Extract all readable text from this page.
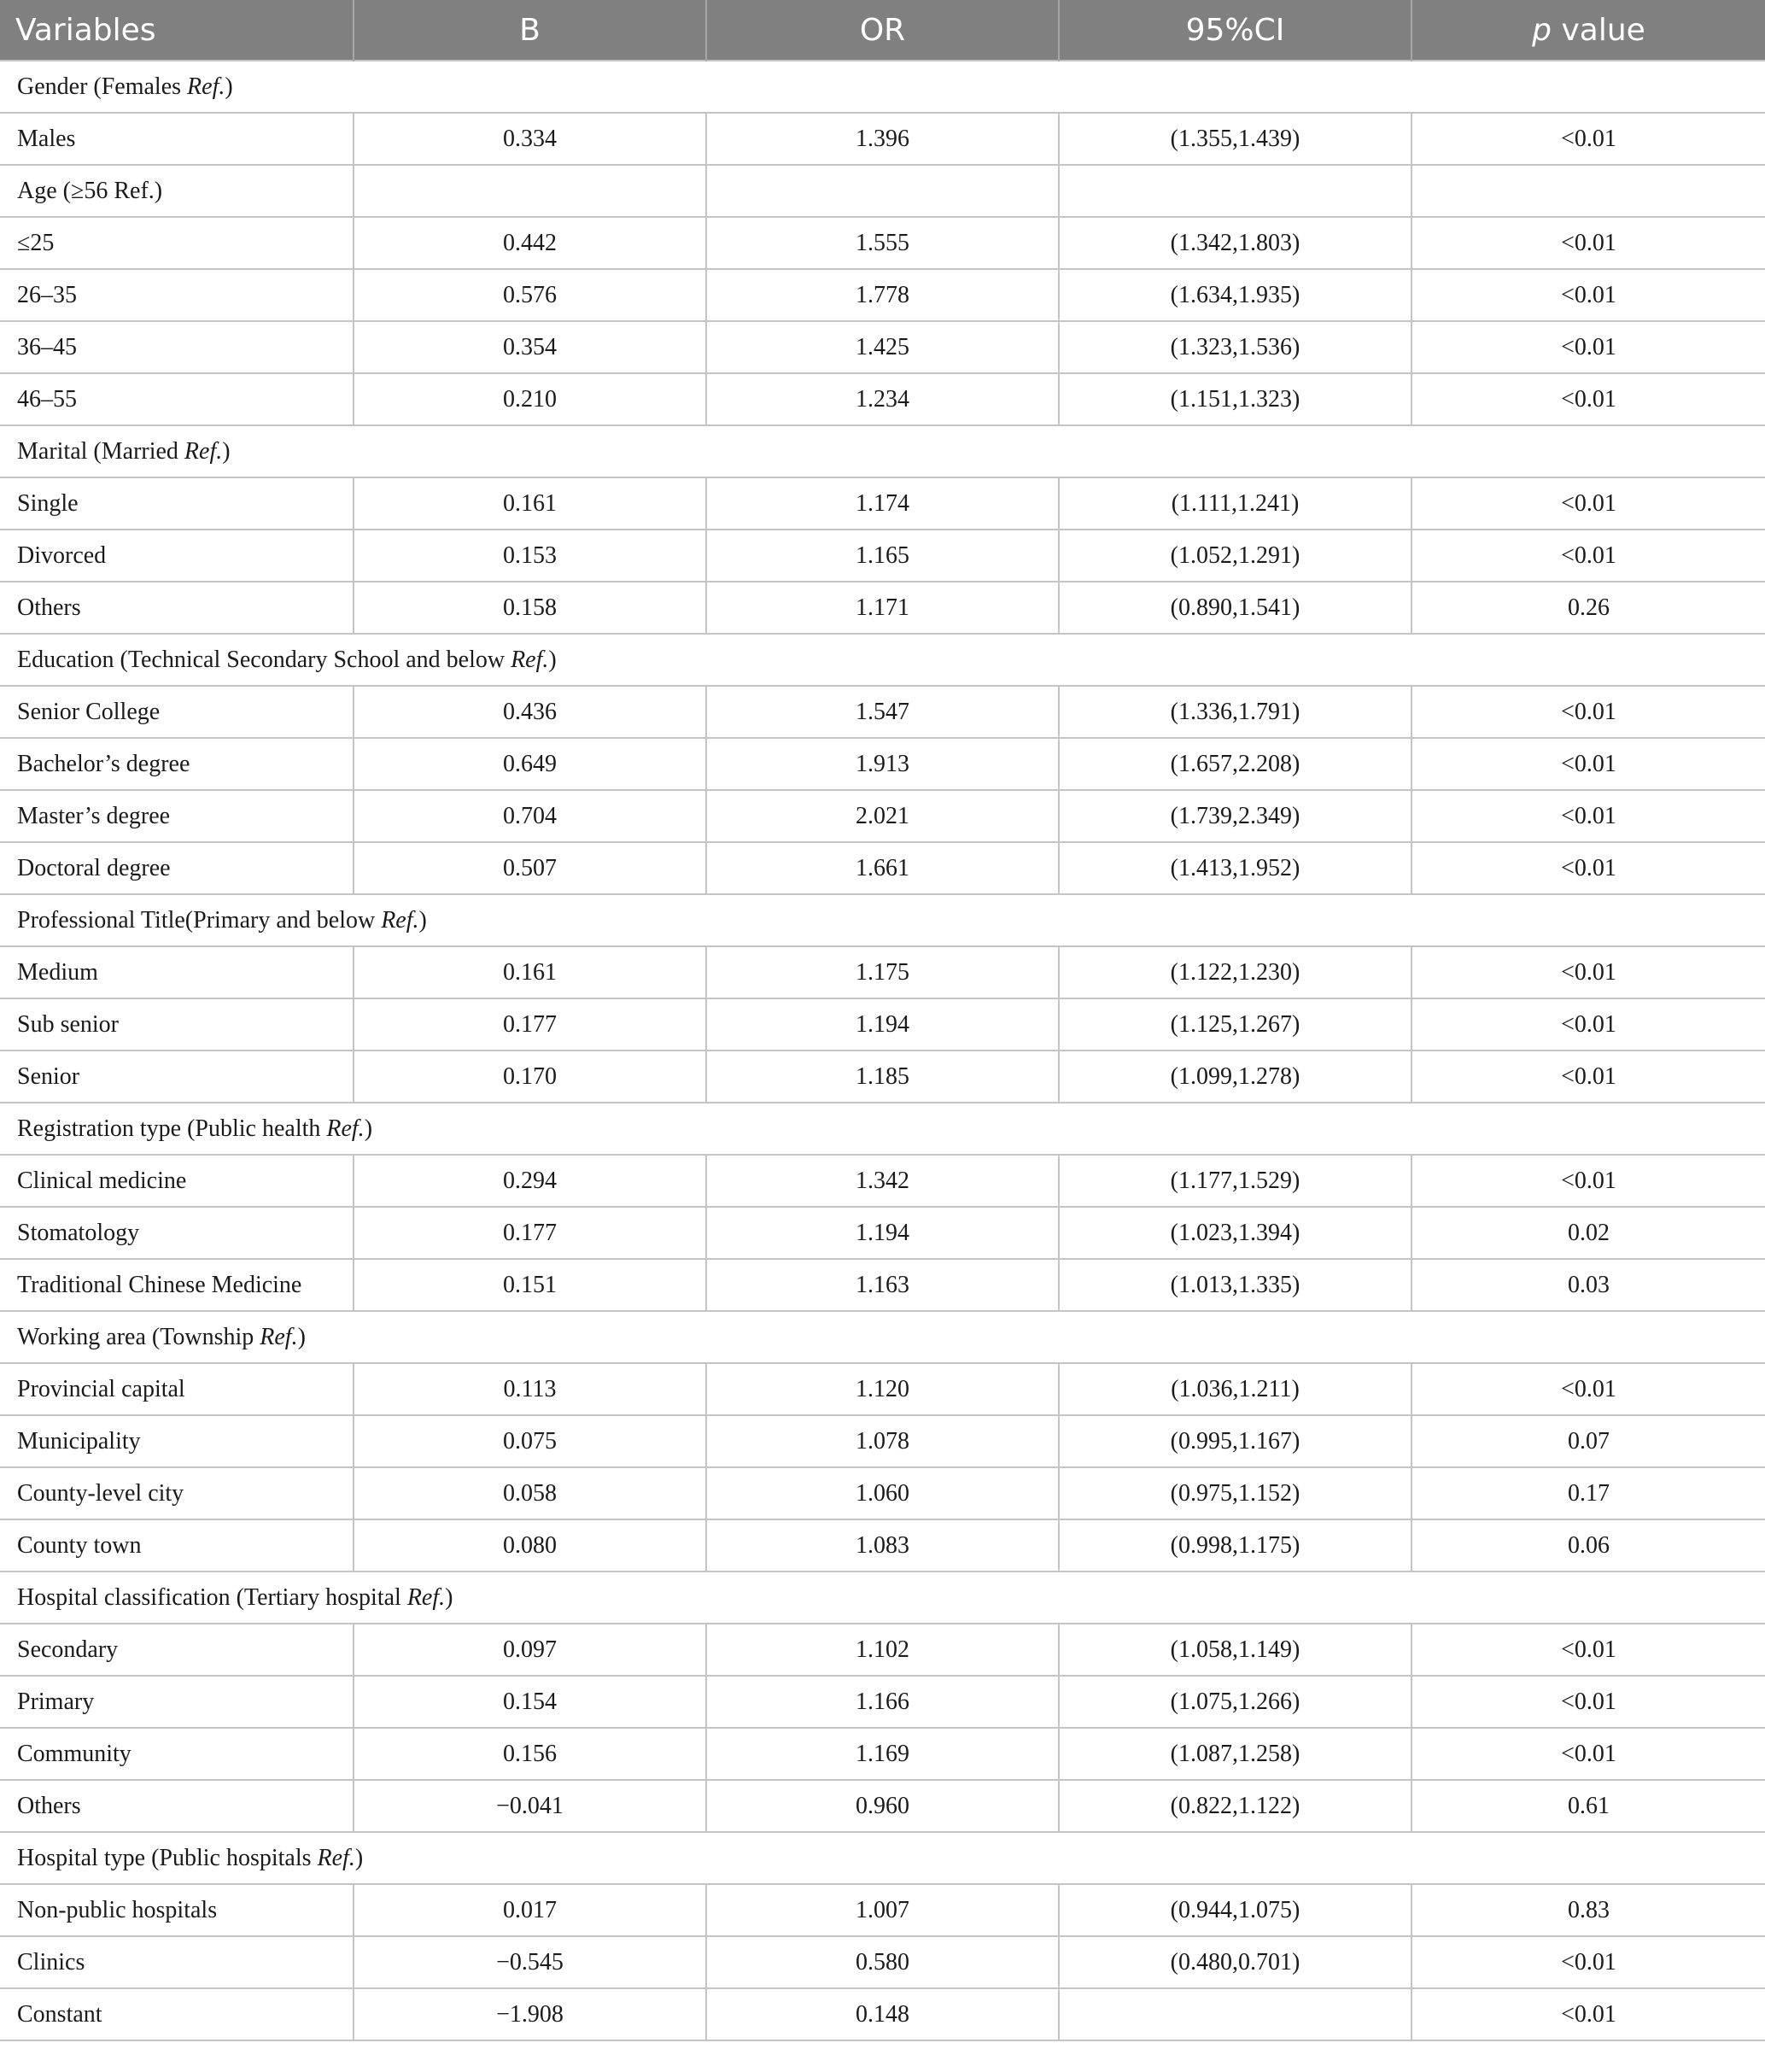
Variables	B	OR	95%CI	p value
Gender (Females Ref.)				
Males	0.334	1.396	(1.355,1.439)	<0.01
Age (≥56 Ref.)				
≤25	0.442	1.555	(1.342,1.803)	<0.01
26–35	0.576	1.778	(1.634,1.935)	<0.01
36–45	0.354	1.425	(1.323,1.536)	<0.01
46–55	0.210	1.234	(1.151,1.323)	<0.01
Marital (Married Ref.)				
Single	0.161	1.174	(1.111,1.241)	<0.01
Divorced	0.153	1.165	(1.052,1.291)	<0.01
Others	0.158	1.171	(0.890,1.541)	0.26
Education (Technical Secondary School and below Ref.)				
Senior College	0.436	1.547	(1.336,1.791)	<0.01
Bachelor’s degree	0.649	1.913	(1.657,2.208)	<0.01
Master’s degree	0.704	2.021	(1.739,2.349)	<0.01
Doctoral degree	0.507	1.661	(1.413,1.952)	<0.01
Professional Title(Primary and below Ref.)				
Medium	0.161	1.175	(1.122,1.230)	<0.01
Sub senior	0.177	1.194	(1.125,1.267)	<0.01
Senior	0.170	1.185	(1.099,1.278)	<0.01
Registration type (Public health Ref.)				
Clinical medicine	0.294	1.342	(1.177,1.529)	<0.01
Stomatology	0.177	1.194	(1.023,1.394)	0.02
Traditional Chinese Medicine	0.151	1.163	(1.013,1.335)	0.03
Working area (Township Ref.)				
Provincial capital	0.113	1.120	(1.036,1.211)	<0.01
Municipality	0.075	1.078	(0.995,1.167)	0.07
County-level city	0.058	1.060	(0.975,1.152)	0.17
County town	0.080	1.083	(0.998,1.175)	0.06
Hospital classification (Tertiary hospital Ref.)				
Secondary	0.097	1.102	(1.058,1.149)	<0.01
Primary	0.154	1.166	(1.075,1.266)	<0.01
Community	0.156	1.169	(1.087,1.258)	<0.01
Others	−0.041	0.960	(0.822,1.122)	0.61
Hospital type (Public hospitals Ref.)				
Non-public hospitals	0.017	1.007	(0.944,1.075)	0.83
Clinics	−0.545	0.580	(0.480,0.701)	<0.01
Constant	−1.908	0.148		<0.01
